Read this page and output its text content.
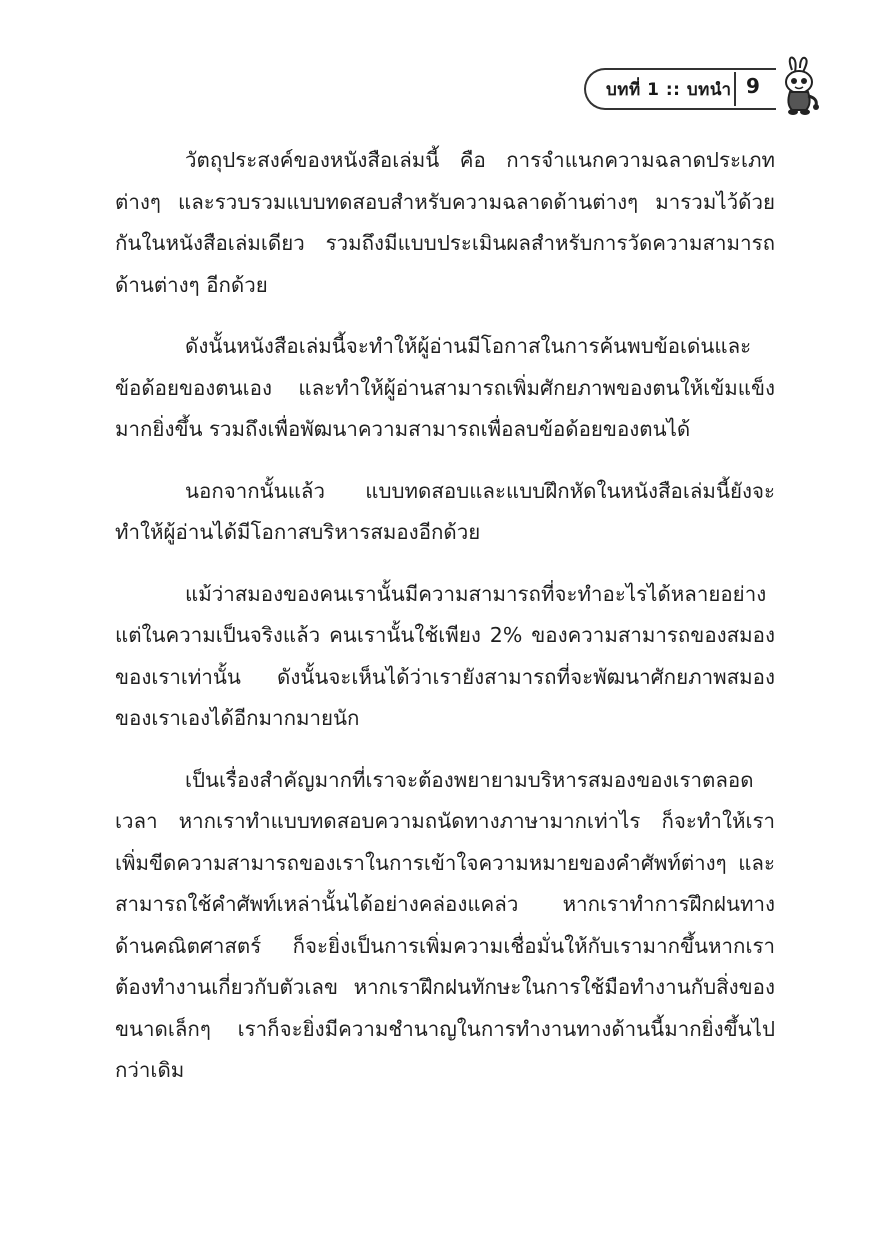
บทที่ 1 :: บทนำ 9

วัตถุประสงค์ของหนังสือเล่มนี้ คือ การจำแนกความฉลาดประเภทต่างๆ และรวบรวมแบบทดสอบสำหรับความฉลาดด้านต่างๆ มารวมไว้ด้วยกันในหนังสือเล่มเดียว รวมถึงมีแบบประเมินผลสำหรับการวัดความสามารถด้านต่างๆ อีกด้วย

ดังนั้นหนังสือเล่มนี้จะทำให้ผู้อ่านมีโอกาสในการค้นพบข้อเด่นและข้อด้อยของตนเอง และทำให้ผู้อ่านสามารถเพิ่มศักยภาพของตนให้เข้มแข็งมากยิ่งขึ้น รวมถึงเพื่อพัฒนาความสามารถเพื่อลบข้อด้อยของตนได้

นอกจากนั้นแล้ว แบบทดสอบและแบบฝึกหัดในหนังสือเล่มนี้ยังจะทำให้ผู้อ่านได้มีโอกาสบริหารสมองอีกด้วย

แม้ว่าสมองของคนเรานั้นมีความสามารถที่จะทำอะไรได้หลายอย่าง แต่ในความเป็นจริงแล้ว คนเรานั้นใช้เพียง 2% ของความสามารถของสมองของเราเท่านั้น ดังนั้นจะเห็นได้ว่าเรายังสามารถที่จะพัฒนาศักยภาพสมองของเราเองได้อีกมากมายนัก

เป็นเรื่องสำคัญมากที่เราจะต้องพยายามบริหารสมองของเราตลอดเวลา หากเราทำแบบทดสอบความถนัดทางภาษามากเท่าไร ก็จะทำให้เราเพิ่มขีดความสามารถของเราในการเข้าใจความหมายของคำศัพท์ต่างๆ และสามารถใช้คำศัพท์เหล่านั้นได้อย่างคล่องแคล่ว หากเราทำการฝึกฝนทางด้านคณิตศาสตร์ ก็จะยิ่งเป็นการเพิ่มความเชื่อมั่นให้กับเรามากขึ้นหากเราต้องทำงานเกี่ยวกับตัวเลข หากเราฝึกฝนทักษะในการใช้มือทำงานกับสิ่งของขนาดเล็กๆ เราก็จะยิ่งมีความชำนาญในการทำงานทางด้านนี้มากยิ่งขึ้นไปกว่าเดิม
